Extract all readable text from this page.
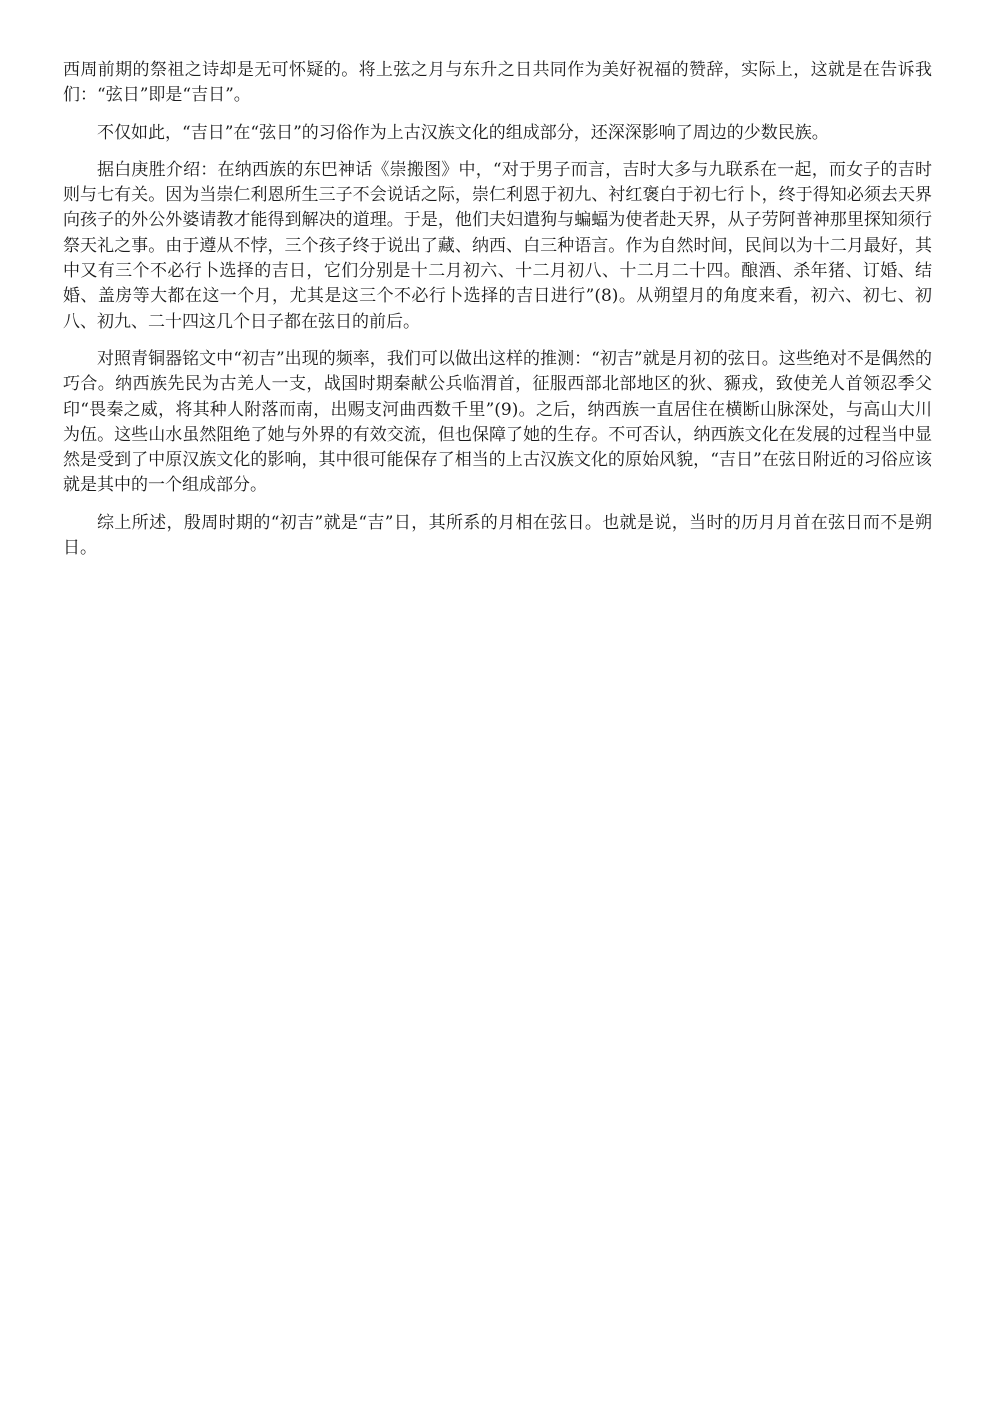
西周前期的祭祖之诗却是无可怀疑的。将上弦之月与东升之日共同作为美好祝福的赞辞，实际上，这就是在告诉我们：“弦日”即是“吉日”。

不仅如此，“吉日”在“弦日”的习俗作为上古汉族文化的组成部分，还深深影响了周边的少数民族。

据白庚胜介绍：在纳西族的东巴神话《崇搬图》中，“对于男子而言，吉时大多与九联系在一起，而女子的吉时则与七有关。因为当崇仁利恩所生三子不会说话之际，崇仁利恩于初九、衬红褒白于初七行卜，终于得知必须去天界向孩子的外公外婆请教才能得到解决的道理。于是，他们夫妇遣狗与蝙蝠为使者赴天界，从子劳阿普神那里探知须行祭天礼之事。由于遵从不悖，三个孩子终于说出了藏、纳西、白三种语言。作为自然时间，民间以为十二月最好，其中又有三个不必行卜选择的吉日，它们分别是十二月初六、十二月初八、十二月二十四。酿酒、杀年猪、订婚、结婚、盖房等大都在这一个月，尤其是这三个不必行卜选择的吉日进行”(8)。从朔望月的角度来看，初六、初七、初八、初九、二十四这几个日子都在弦日的前后。

对照青铜器铭文中“初吉”出现的频率，我们可以做出这样的推测：“初吉”就是月初的弦日。这些绝对不是偶然的巧合。纳西族先民为古羌人一支，战国时期秦献公兵临渭首，征服西部北部地区的狄、豲戎，致使羌人首领忍季父印“畏秦之威，将其种人附落而南，出赐支河曲西数千里”(9)。之后，纳西族一直居住在横断山脉深处，与高山大川为伍。这些山水虽然阻绝了她与外界的有效交流，但也保障了她的生存。不可否认，纳西族文化在发展的过程当中显然是受到了中原汉族文化的影响，其中很可能保存了相当的上古汉族文化的原始风貌，“吉日”在弦日附近的习俗应该就是其中的一个组成部分。

综上所述，殷周时期的“初吉”就是“吉”日，其所系的月相在弦日。也就是说，当时的历月月首在弦日而不是朔日。
